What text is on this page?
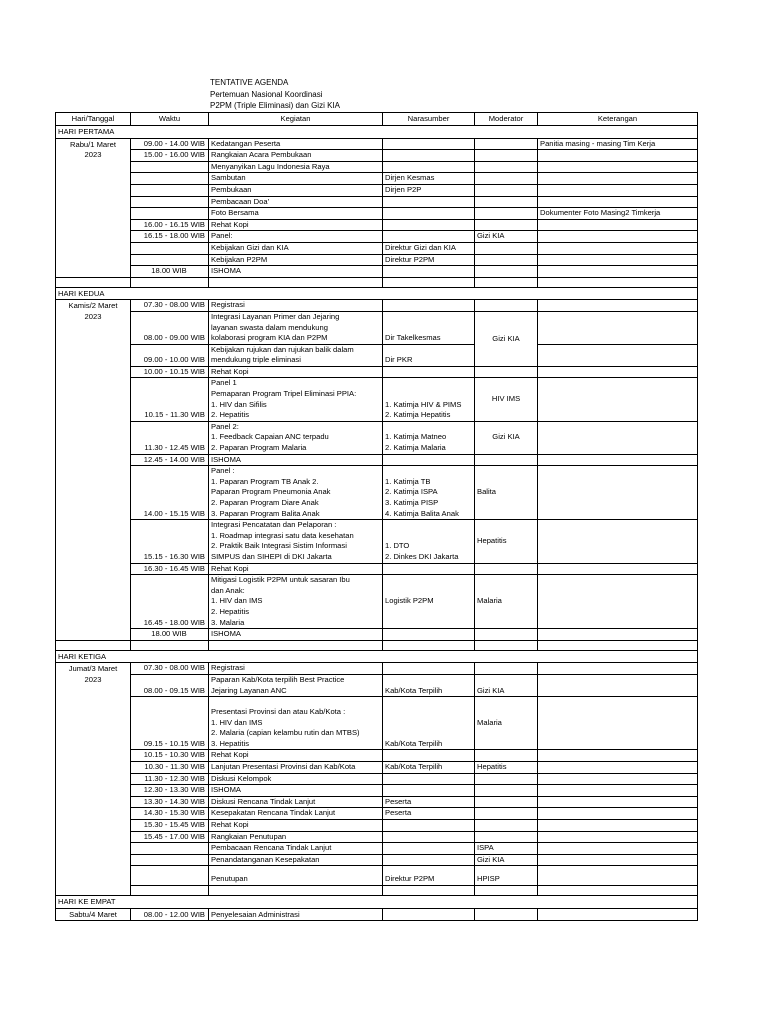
TENTATIVE AGENDA
Pertemuan Nasional Koordinasi
P2PM (Triple Eliminasi) dan Gizi KIA
Hari/Tanggal	Waktu	Kegiatan	Narasumber	Moderator	Keterangan
HARI PERTAMA					

Rabu/1 Maret
2023	09.00 - 14.00 WIB	Kedatangan Peserta			Panitia masing - masing Tim Kerja
	15.00 - 16.00 WIB	Rangkaian Acara Pembukaan			
		Menyanyikan Lagu Indonesia Raya			
		Sambutan	Dirjen Kesmas		
		Pembukaan	Dirjen P2P		
		Pembacaan Doa'			
		Foto Bersama			Dokumenter Foto Masing2 Timkerja
	16.00 - 16.15 WIB	Rehat Kopi			
	16.15 - 18.00 WIB	Panel:		Gizi KIA	
		Kebijakan Gizi dan KIA	Direktur Gizi dan KIA		
		Kebijakan P2PM	Direktur P2PM		
	18.00 WIB	ISHOMA			

HARI KEDUA					

Kamis/2 Maret
2023	07.30 - 08.00 WIB	Registrasi			
	08.00 - 09.00 WIB	Integrasi Layanan Primer dan Jejaring
layanan swasta dalam mendukung
kolaborasi program KIA dan P2PM	Dir Takelkesmas	Gizi KIA	
	09.00 - 10.00 WIB	Kebijakan rujukan dan rujukan balik dalam
mendukung triple eliminasi	Dir PKR		
	10.00 - 10.15 WIB	Rehat Kopi			
	10.15 - 11.30 WIB	Panel 1
Pemaparan Program Tripel Eliminasi PPIA:
1. HIV dan Sifilis
2. Hepatitis	1. Katimja HIV & PIMS
2. Katimja Hepatitis	HIV IMS	
	11.30 - 12.45 WIB	Panel 2:
1. Feedback Capaian ANC terpadu
2. Paparan Program Malaria	1. Katimja Matneo
2. Katimja Malaria	Gizi KIA	
	12.45 - 14.00 WIB	ISHOMA			
	14.00 - 15.15 WIB	Panel :
1. Paparan Program TB Anak 2.
Paparan Program Pneumonia Anak
2. Paparan Program Diare Anak
3. Paparan Program Balita Anak	1. Katimja TB
2. Katimja ISPA
3. Katimja PISP
4. Katimja Balita Anak	Balita	
	15.15 - 16.30 WIB	Integrasi Pencatatan dan Pelaporan :
1. Roadmap integrasi satu data kesehatan
2. Praktik Baik Integrasi Sistim Informasi
SIMPUS dan SIHEPI di DKI Jakarta	1. DTO
2. Dinkes DKI Jakarta	Hepatitis	
	16.30 - 16.45 WIB	Rehat Kopi			
	16.45 - 18.00 WIB	Mitigasi Logistik P2PM untuk sasaran Ibu
dan Anak:
1. HIV dan IMS
2. Hepatitis
3. Malaria	Logistik P2PM	Malaria	
	18.00 WIB	ISHOMA			

HARI KETIGA					

Jumat/3 Maret
2023	07.30 - 08.00 WIB	Registrasi			
	08.00 - 09.15 WIB	Paparan Kab/Kota terpilih Best Practice
Jejaring Layanan ANC	Kab/Kota Terpilih	Gizi KIA	
	09.15 - 10.15 WIB	Presentasi Provinsi dan atau Kab/Kota :
1. HIV dan IMS
2. Malaria (capian kelambu rutin dan MTBS)
3. Hepatitis	Kab/Kota Terpilih	Malaria	
	10.15 - 10.30 WIB	Rehat Kopi			
	10.30 - 11.30 WIB	Lanjutan Presentasi Provinsi dan Kab/Kota	Kab/Kota Terpilih	Hepatitis	
	11.30 - 12.30 WIB	Diskusi Kelompok			
	12.30 - 13.30 WIB	ISHOMA			
	13.30 - 14.30 WIB	Diskusi Rencana Tindak Lanjut	Peserta		
	14.30 - 15.30 WIB	Kesepakatan Rencana Tindak Lanjut	Peserta		
	15.30 - 15.45 WIB	Rehat Kopi			
	15.45 - 17.00 WIB	Rangkaian Penutupan			
		Pembacaan Rencana Tindak Lanjut		ISPA	
		Penandatanganan Kesepakatan		Gizi KIA	

		Penutupan	Direktur P2PM	HPISP	

HARI KE EMPAT					
Sabtu/4 Maret	08.00 - 12.00 WIB	Penyelesaian Administrasi			
